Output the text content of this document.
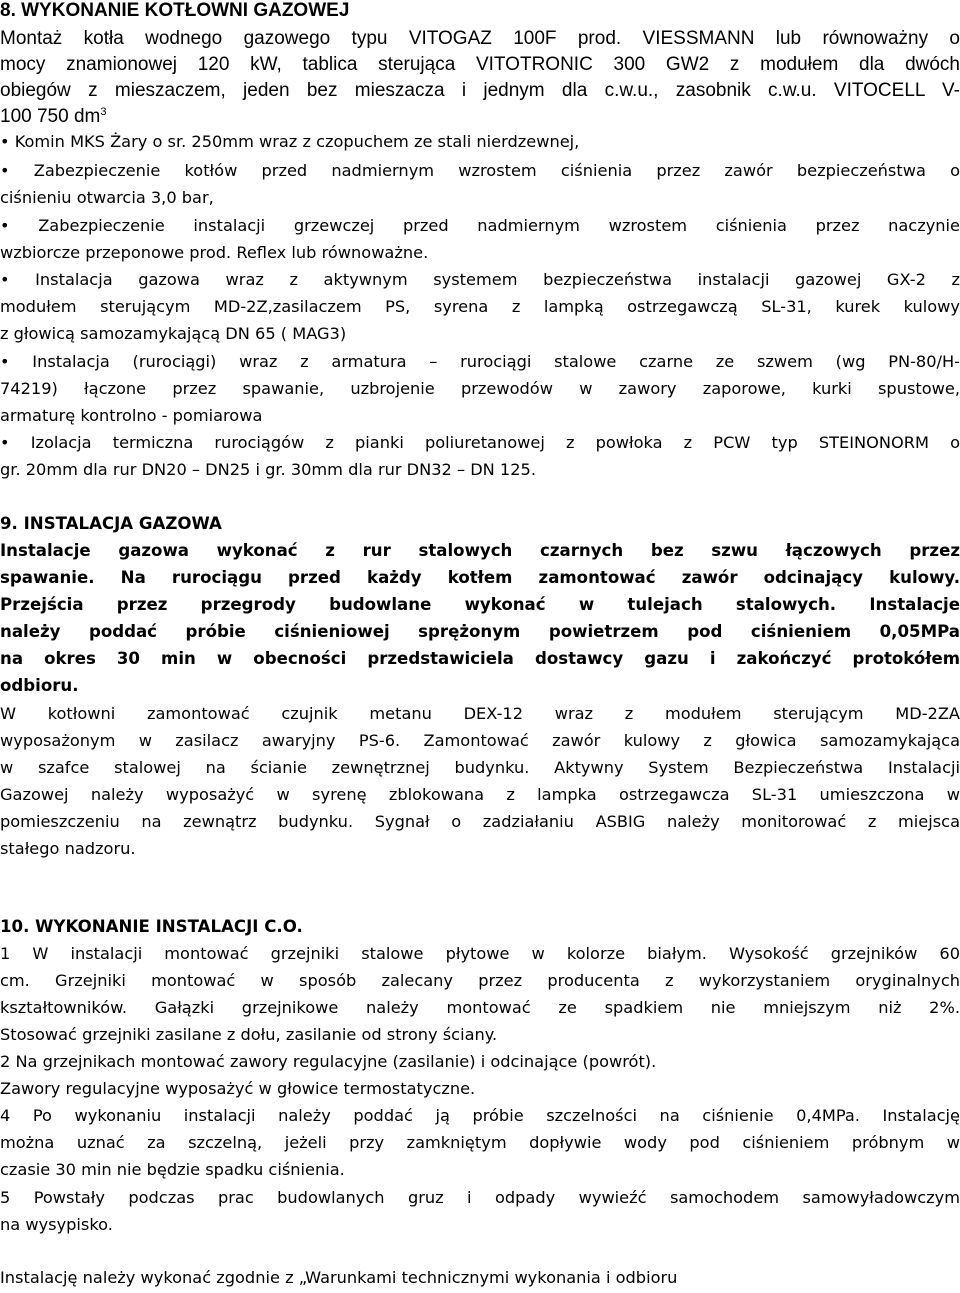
8. WYKONANIE KOTŁOWNI GAZOWEJ
Montaż kotła wodnego gazowego typu VITOGAZ 100F prod. VIESSMANN lub równoważny o
mocy znamionowej 120 kW, tablica sterująca VITOTRONIC 300 GW2 z modułem dla dwóch
obiegów z mieszaczem, jeden bez mieszacza i jednym dla c.w.u., zasobnik c.w.u. VITOCELL V-
100 750 $dm^3$
• Komin MKS Żary o sr. 250mm wraz z czopuchem ze stali nierdzewnej,
• Zabezpieczenie kotłów przed nadmiernym wzrostem ciśnienia przez zawór bezpieczeństwa o
ciśnieniu otwarcia 3,0 bar,
• Zabezpieczenie instalacji grzewczej przed nadmiernym wzrostem ciśnienia przez naczynie
wzbiorcze przeponowe prod. Reflex lub równoważne.
• Instalacja gazowa wraz z aktywnym systemem bezpieczeństwa instalacji gazowej GX-2 z
modułem sterującym MD-2Z,zasilaczem PS, syrena z lampką ostrzegawczą SL-31, kurek kulowy
z głowicą samozamykającą DN 65 ( MAG3)
• Instalacja (rurociągi) wraz z armatura – rurociągi stalowe czarne ze szwem (wg PN-80/H-
74219) łączone przez spawanie, uzbrojenie przewodów w zawory zaporowe, kurki spustowe,
armaturę kontrolno - pomiarowa
• Izolacja termiczna rurociągów z pianki poliuretanowej z powłoka z PCW typ STEINONORM o
gr. 20mm dla rur DN20 – DN25 i gr. 30mm dla rur DN32 – DN 125.
9. INSTALACJA GAZOWA
Instalacje gazowa wykonać z rur stalowych czarnych bez szwu łączowych przez
spawanie. Na rurociągu przed każdy kotłem zamontować zawór odcinający kulowy.
Przejścia przez przegrody budowlane wykonać w tulejach stalowych. Instalacje
należy poddać próbie ciśnieniowej sprężonym powietrzem pod ciśnieniem 0,05MPa
na okres 30 min w obecności przedstawiciela dostawcy gazu i zakończyć protokółem
odbioru.
W kotłowni zamontować czujnik metanu DEX-12 wraz z modułem sterującym MD-2ZA
wyposażonym w zasilacz awaryjny PS-6. Zamontować zawór kulowy z głowica samozamykająca
w szafce stalowej na ścianie zewnętrznej budynku. Aktywny System Bezpieczeństwa Instalacji
Gazowej należy wyposażyć w syrenę zblokowana z lampka ostrzegawcza SL-31 umieszczona w
pomieszczeniu na zewnątrz budynku. Sygnał o zadziałaniu ASBIG należy monitorować z miejsca
stałego nadzoru.
10. WYKONANIE INSTALACJI C.O.
1 W instalacji montować grzejniki stalowe płytowe w kolorze białym. Wysokość grzejników 60
cm. Grzejniki montować w sposób zalecany przez producenta z wykorzystaniem oryginalnych
kształtowników. Gałązki grzejnikowe należy montować ze spadkiem nie mniejszym niż 2%.
Stosować grzejniki zasilane z dołu, zasilanie od strony ściany.
2 Na grzejnikach montować zawory regulacyjne (zasilanie) i odcinające (powrót).
Zawory regulacyjne wyposażyć w głowice termostatyczne.
4 Po wykonaniu instalacji należy poddać ją próbie szczelności na ciśnienie 0,4MPa. Instalację
można uznać za szczelną, jeżeli przy zamkniętym dopływie wody pod ciśnieniem próbnym w
czasie 30 min nie będzie spadku ciśnienia.
5 Powstały podczas prac budowlanych gruz i odpady wywieźć samochodem samowyładowczym
na wysypisko.
Instalację należy wykonać zgodnie z „Warunkami technicznymi wykonania i odbioru
